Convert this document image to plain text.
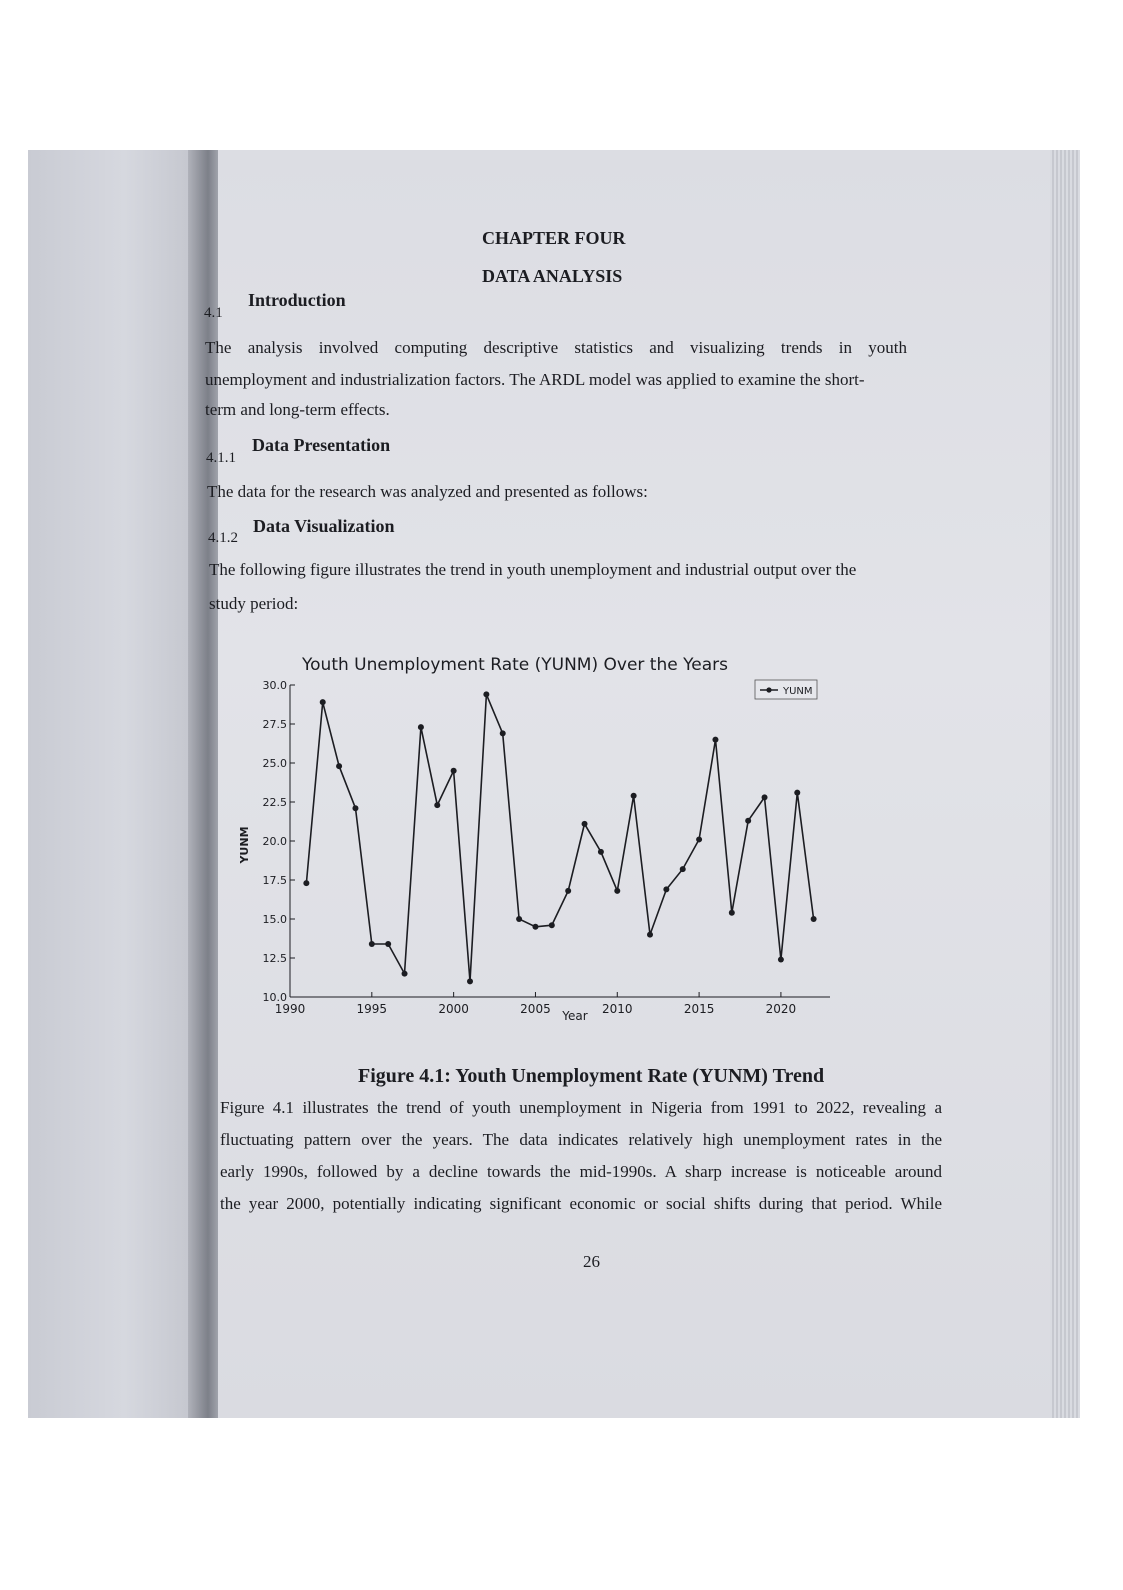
CHAPTER FOUR
DATA ANALYSIS
4.1
Introduction
The analysis involved computing descriptive statistics and visualizing trends in youth
unemployment and industrialization factors. The ARDL model was applied to examine the short-
term and long-term effects.
4.1.1
Data Presentation
The data for the research was analyzed and presented as follows:
4.1.2
Data Visualization
The following figure illustrates the trend in youth unemployment and industrial output over the
study period:
Youth Unemployment Rate (YUNM) Over the Years
10.0
12.5
15.0
17.5
20.0
22.5
25.0
27.5
30.0
1990	1995	2000	2005	2010	2015	2020
Year
YUNM
YUNM
Figure 4.1: Youth Unemployment Rate (YUNM) Trend
Figure 4.1 illustrates the trend of youth unemployment in Nigeria from 1991 to 2022, revealing a
fluctuating pattern over the years. The data indicates relatively high unemployment rates in the
early 1990s, followed by a decline towards the mid-1990s. A sharp increase is noticeable around
the year 2000, potentially indicating significant economic or social shifts during that period. While
26
